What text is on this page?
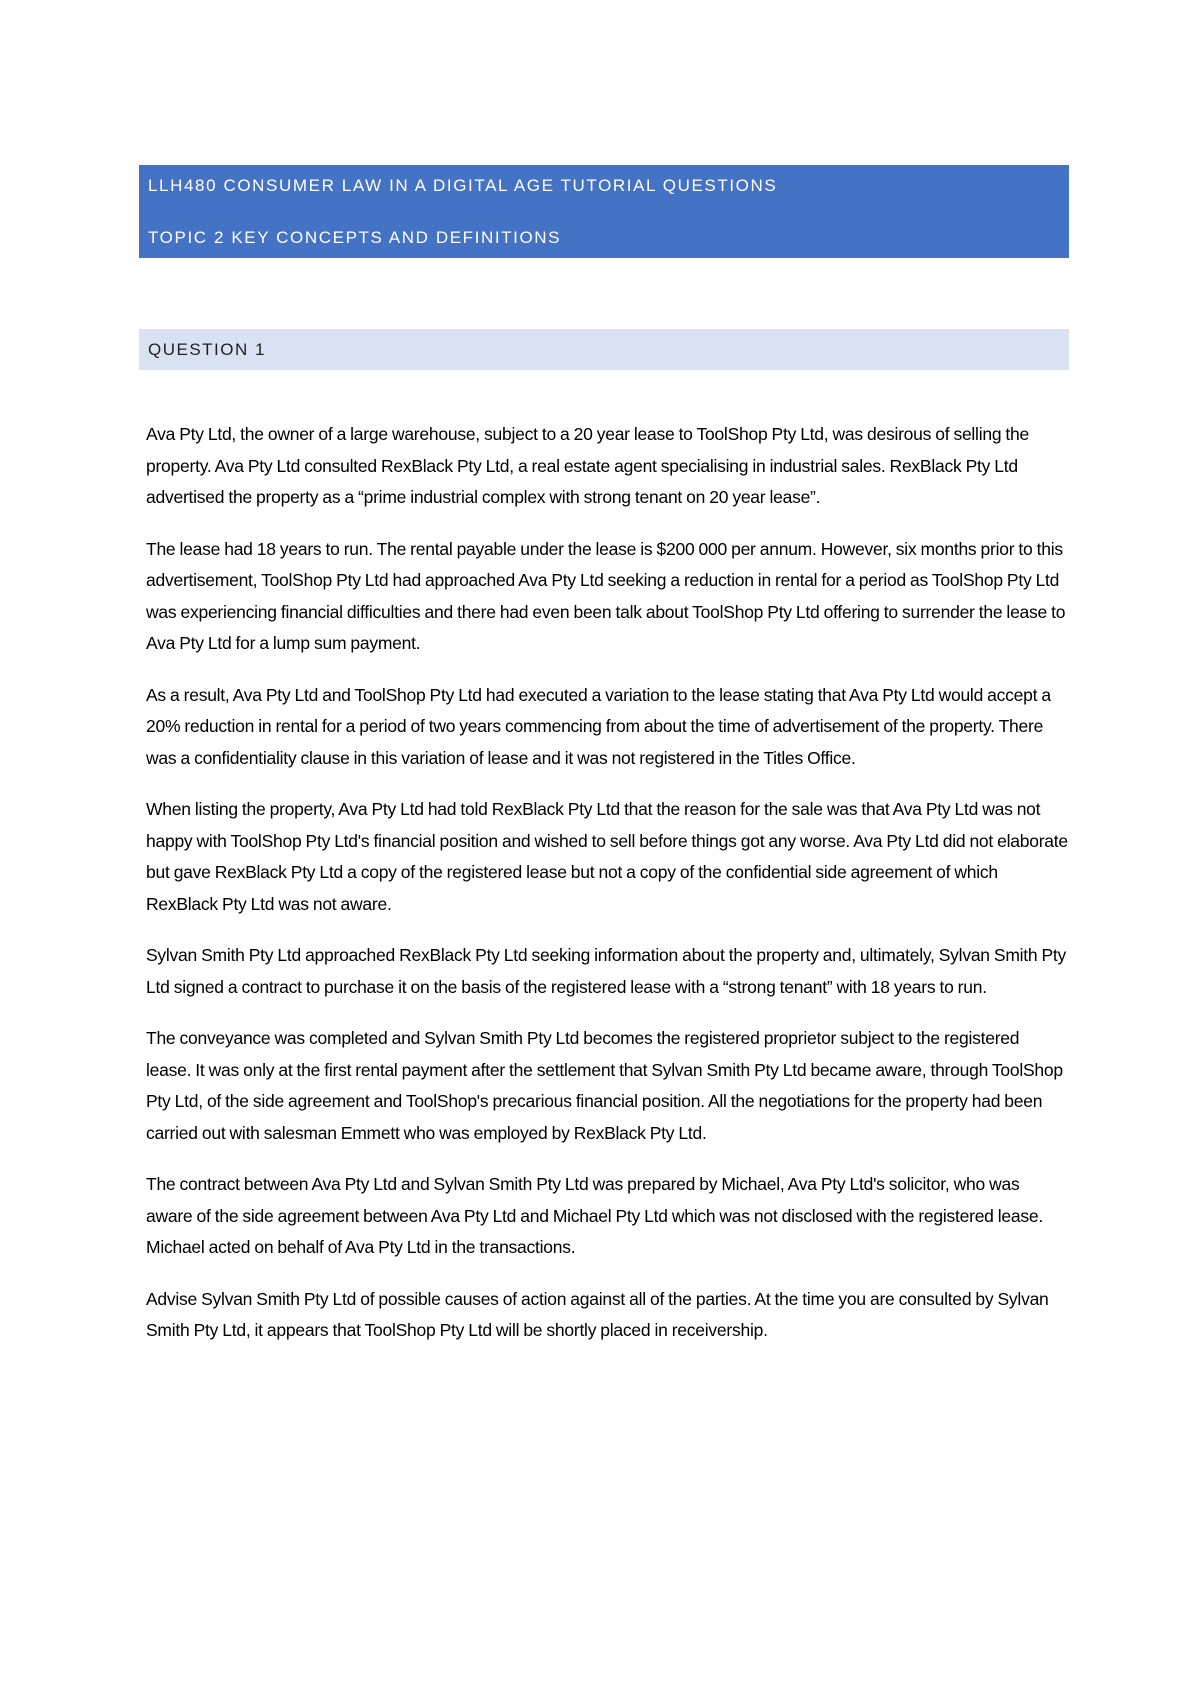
LLH480 CONSUMER LAW IN A DIGITAL AGE TUTORIAL QUESTIONS

TOPIC 2 KEY CONCEPTS AND DEFINITIONS

QUESTION 1

Ava Pty Ltd, the owner of a large warehouse, subject to a 20 year lease to ToolShop Pty Ltd, was desirous of selling the property. Ava Pty Ltd consulted RexBlack Pty Ltd, a real estate agent specialising in industrial sales. RexBlack Pty Ltd advertised the property as a “prime industrial complex with strong tenant on 20 year lease”.

The lease had 18 years to run. The rental payable under the lease is $200 000 per annum. However, six months prior to this advertisement, ToolShop Pty Ltd had approached Ava Pty Ltd seeking a reduction in rental for a period as ToolShop Pty Ltd was experiencing financial difficulties and there had even been talk about ToolShop Pty Ltd offering to surrender the lease to Ava Pty Ltd for a lump sum payment.

As a result, Ava Pty Ltd and ToolShop Pty Ltd had executed a variation to the lease stating that Ava Pty Ltd would accept a 20% reduction in rental for a period of two years commencing from about the time of advertisement of the property. There was a confidentiality clause in this variation of lease and it was not registered in the Titles Office.

When listing the property, Ava Pty Ltd had told RexBlack Pty Ltd that the reason for the sale was that Ava Pty Ltd was not happy with ToolShop Pty Ltd's financial position and wished to sell before things got any worse. Ava Pty Ltd did not elaborate but gave RexBlack Pty Ltd a copy of the registered lease but not a copy of the confidential side agreement of which RexBlack Pty Ltd was not aware.

Sylvan Smith Pty Ltd approached RexBlack Pty Ltd seeking information about the property and, ultimately, Sylvan Smith Pty Ltd signed a contract to purchase it on the basis of the registered lease with a “strong tenant” with 18 years to run.

The conveyance was completed and Sylvan Smith Pty Ltd becomes the registered proprietor subject to the registered lease. It was only at the first rental payment after the settlement that Sylvan Smith Pty Ltd became aware, through ToolShop Pty Ltd, of the side agreement and ToolShop's precarious financial position. All the negotiations for the property had been carried out with salesman Emmett who was employed by RexBlack Pty Ltd.

The contract between Ava Pty Ltd and Sylvan Smith Pty Ltd was prepared by Michael, Ava Pty Ltd's solicitor, who was aware of the side agreement between Ava Pty Ltd and Michael Pty Ltd which was not disclosed with the registered lease. Michael acted on behalf of Ava Pty Ltd in the transactions.

Advise Sylvan Smith Pty Ltd of possible causes of action against all of the parties. At the time you are consulted by Sylvan Smith Pty Ltd, it appears that ToolShop Pty Ltd will be shortly placed in receivership.
